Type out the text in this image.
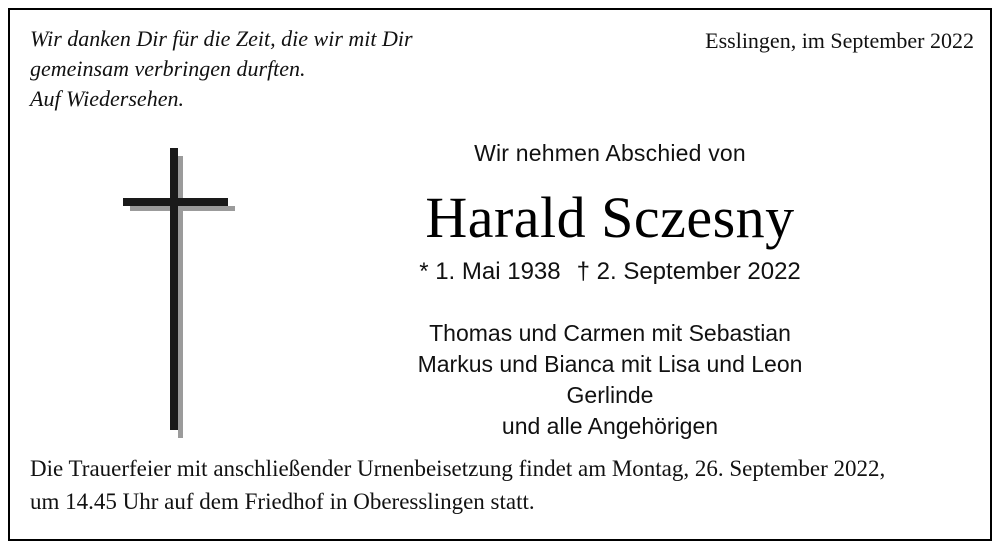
Wir danken Dir für die Zeit, die wir mit Dir
gemeinsam verbringen durften.
Auf Wiedersehen.
Esslingen, im September 2022
Wir nehmen Abschied von
Harald Sczesny
* 1. Mai 1938 † 2. September 2022
Thomas und Carmen mit Sebastian
Markus und Bianca mit Lisa und Leon
Gerlinde
und alle Angehörigen
Die Trauerfeier mit anschließender Urnenbeisetzung findet am Montag, 26. September 2022,
um 14.45 Uhr auf dem Friedhof in Oberesslingen statt.
